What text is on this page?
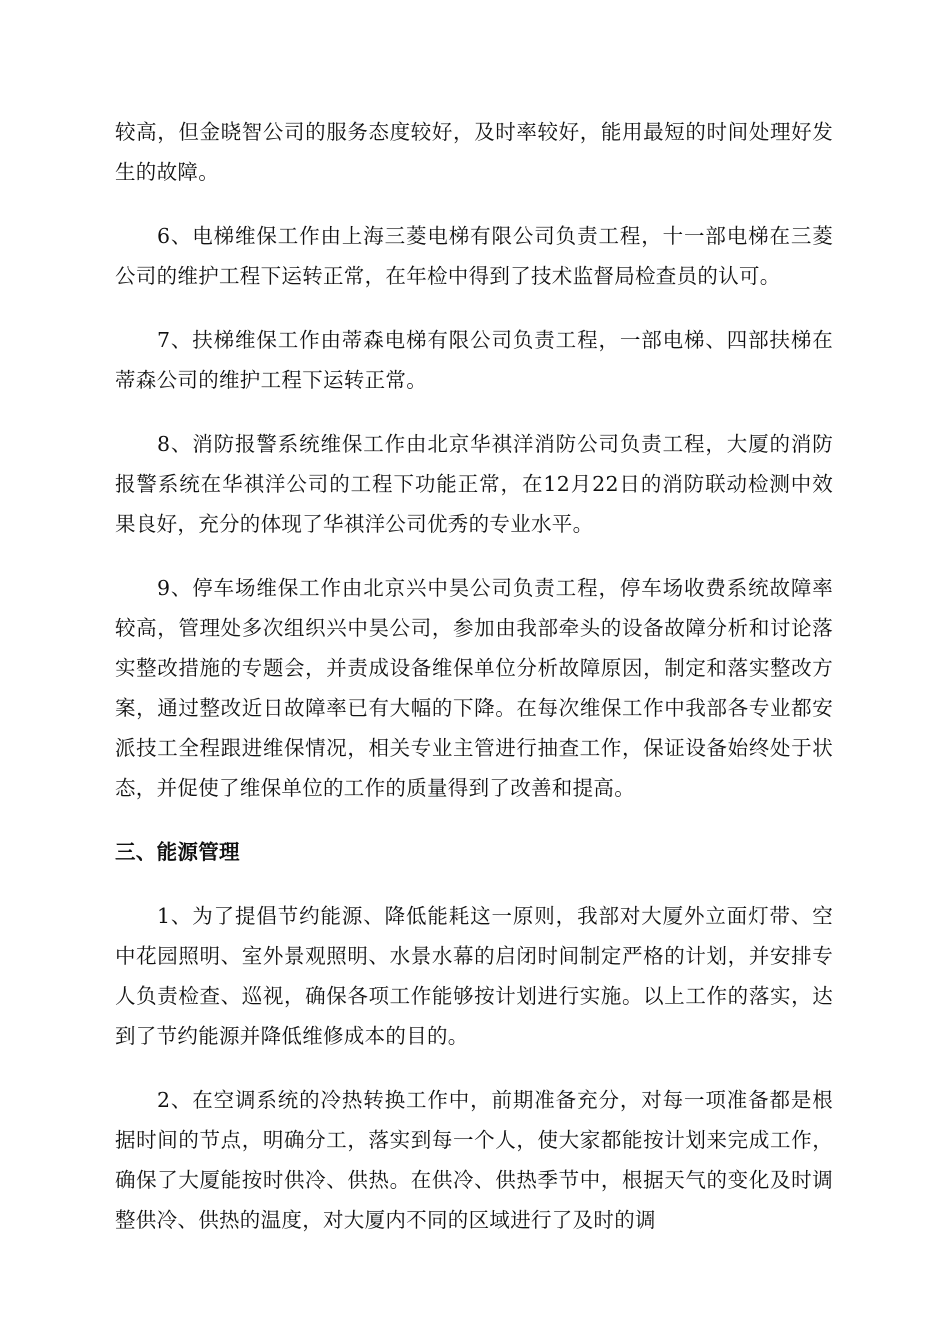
较高，但金晓智公司的服务态度较好，及时率较好，能用最短的时间处理好发生的故障。

6、电梯维保工作由上海三菱电梯有限公司负责工程，十一部电梯在三菱公司的维护工程下运转正常，在年检中得到了技术监督局检查员的认可。

7、扶梯维保工作由蒂森电梯有限公司负责工程，一部电梯、四部扶梯在蒂森公司的维护工程下运转正常。

8、消防报警系统维保工作由北京华祺洋消防公司负责工程，大厦的消防报警系统在华祺洋公司的工程下功能正常，在12月22日的消防联动检测中效果良好，充分的体现了华祺洋公司优秀的专业水平。

9、停车场维保工作由北京兴中昊公司负责工程，停车场收费系统故障率较高，管理处多次组织兴中昊公司，参加由我部牵头的设备故障分析和讨论落实整改措施的专题会，并责成设备维保单位分析故障原因，制定和落实整改方案，通过整改近日故障率已有大幅的下降。在每次维保工作中我部各专业都安派技工全程跟进维保情况，相关专业主管进行抽查工作，保证设备始终处于状态，并促使了维保单位的工作的质量得到了改善和提高。

三、能源管理

1、为了提倡节约能源、降低能耗这一原则，我部对大厦外立面灯带、空中花园照明、室外景观照明、水景水幕的启闭时间制定严格的计划，并安排专人负责检查、巡视，确保各项工作能够按计划进行实施。以上工作的落实，达到了节约能源并降低维修成本的目的。

2、在空调系统的冷热转换工作中，前期准备充分，对每一项准备都是根据时间的节点，明确分工，落实到每一个人，使大家都能按计划来完成工作，确保了大厦能按时供冷、供热。在供冷、供热季节中，根据天气的变化及时调整供冷、供热的温度，对大厦内不同的区域进行了及时的调
